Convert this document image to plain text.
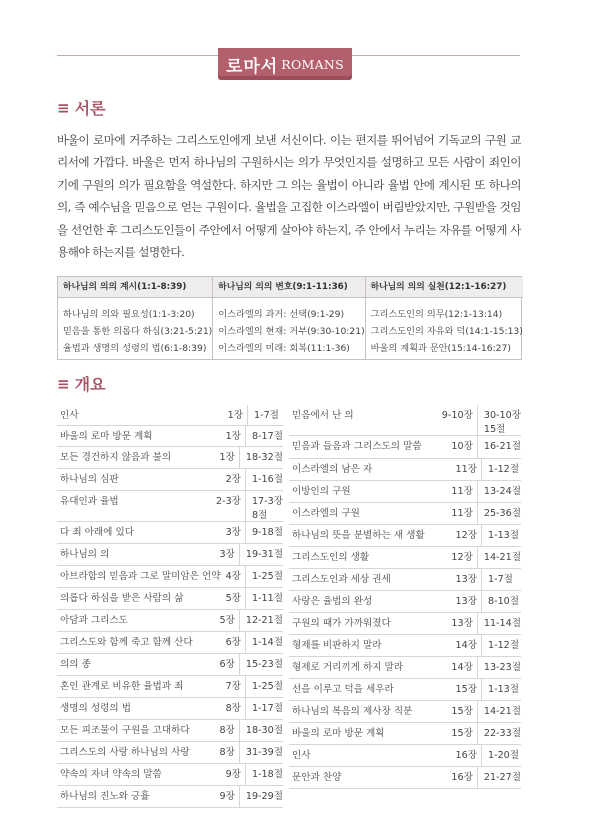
로마서 ROMANS
≡ 서론

바울이 로마에 거주하는 그리스도인에게 보낸 서신이다. 이는 편지를 뛰어넘어 기독교의 구원 교리서에 가깝다. 바울은 먼저 하나님의 구원하시는 의가 무엇인지를 설명하고 모든 사람이 죄인이기에 구원의 의가 필요함을 역설한다. 하지만 그 의는 율법이 아니라 율법 안에 계시된 또 하나의 의, 즉 예수님을 믿음으로 얻는 구원이다. 율법을 고집한 이스라엘이 버림받았지만, 구원받을 것임을 선언한 후 그리스도인들이 주안에서 어떻게 살아야 하는지, 주 안에서 누리는 자유를 어떻게 사용해야 하는지를 설명한다.

하나님의 의의 계시(1:1-8:39)
하나님의 의와 필요성(1:1-3:20)
믿음을 통한 의롭다 하심(3:21-5:21)
율법과 생명의 성령의 법(6:1-8:39)
하나님의 의의 변호(9:1-11:36)
이스라엘의 과거: 선택(9:1-29)
이스라엘의 현재: 거부(9:30-10:21)
이스라엘의 미래: 회복(11:1-36)
하나님의 의의 실천(12:1-16:27)
그리스도인의 의무(12:1-13:14)
그리스도인의 자유와 덕(14:1-15:13)
바울의 계획과 문안(15:14-16:27)
≡ 개요
인사	1장	1-7절
바울의 로마 방문 계획	1장	8-17절
모든 경건하지 않음과 불의	1장	18-32절
하나님의 심판	2장	1-16절
유대인과 율법	2-3장	17-3장
8절
다 죄 아래에 있다	3장	9-18절
하나님의 의	3장	19-31절
아브라함의 믿음과 그로 말미암은 언약 4장	1-25절
의롭다 하심을 받은 사람의 삶	5장	1-11절
아담과 그리스도	5장	12-21절
그리스도와 함께 죽고 함께 산다	6장	1-14절
의의 종	6장	15-23절
혼인 관계로 비유한 율법과 죄	7장	1-25절
생명의 성령의 법	8장	1-17절
모든 피조물이 구원을 고대하다	8장	18-30절
그리스도의 사랑 하나님의 사랑	8장	31-39절
약속의 자녀 약속의 말씀	9장	1-18절
하나님의 진노와 긍휼	9장	19-29절
믿음에서 난 의	9-10장	30-10장
15절
믿음과 들음과 그리스도의 말씀	10장	16-21절
이스라엘의 남은 자	11장	1-12절
이방인의 구원	11장	13-24절
이스라엘의 구원	11장	25-36절
하나님의 뜻을 분별하는 새 생활	12장	1-13절
그리스도인의 생활	12장	14-21절
그리스도인과 세상 권세	13장	1-7절
사랑은 율법의 완성	13장	8-10절
구원의 때가 가까워졌다	13장	11-14절
형제를 비판하지 말라	14장	1-12절
형제로 거리끼게 하지 말라	14장	13-23절
선을 이루고 덕을 세우라	15장	1-13절
하나님의 복음의 제사장 직분	15장	14-21절
바울의 로마 방문 계획	15장	22-33절
인사	16장	1-20절
문안과 찬양	16장	21-27절
